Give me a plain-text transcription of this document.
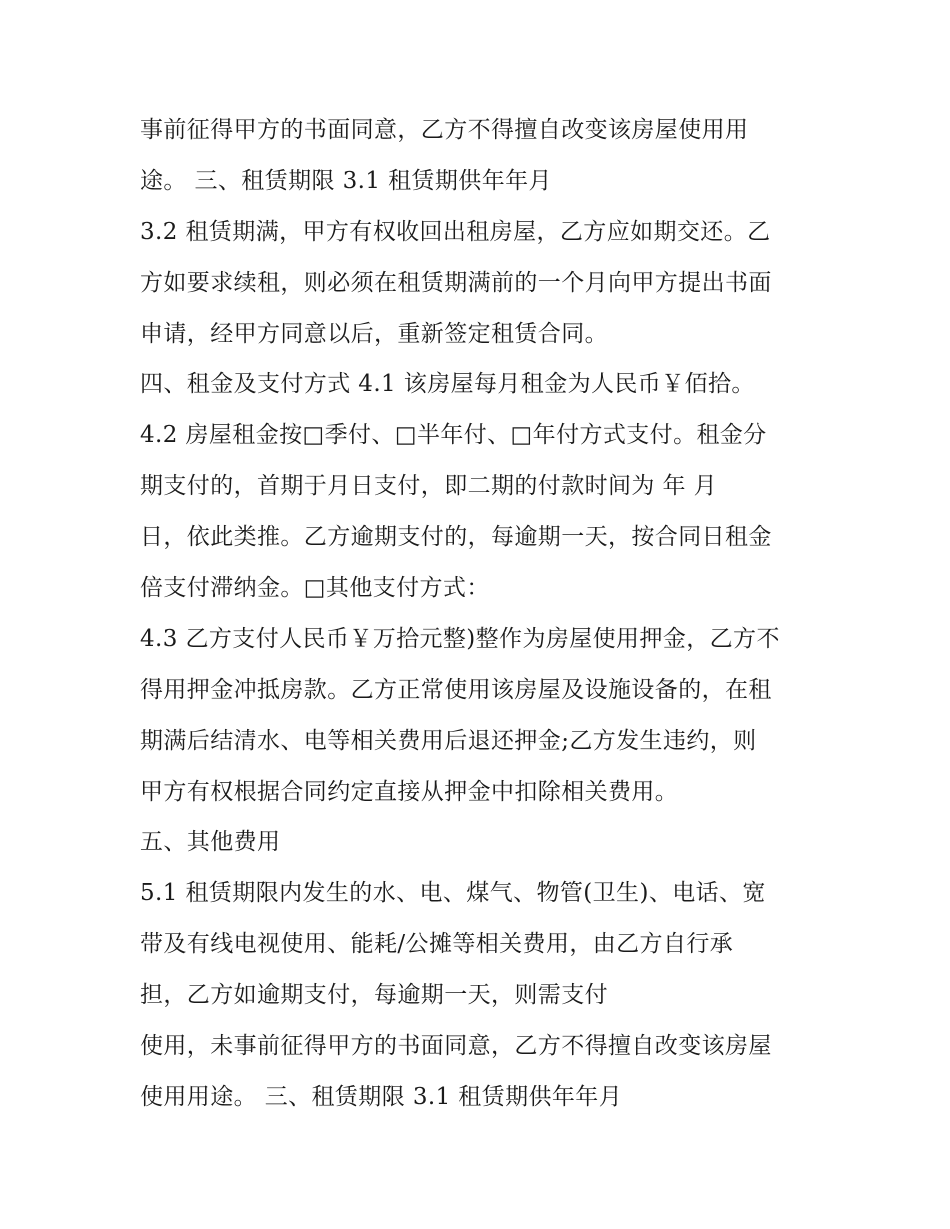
事前征得甲方的书面同意，乙方不得擅自改变该房屋使用用
途。 三、租赁期限 3.1 租赁期供年年月
3.2 租赁期满，甲方有权收回出租房屋，乙方应如期交还。乙
方如要求续租，则必须在租赁期满前的一个月向甲方提出书面
申请，经甲方同意以后，重新签定租赁合同。
四、租金及支付方式 4.1 该房屋每月租金为人民币￥佰拾。
4.2 房屋租金按□季付、□半年付、□年付方式支付。租金分
期支付的，首期于月日支付，即二期的付款时间为 年 月
日，依此类推。乙方逾期支付的，每逾期一天，按合同日租金
倍支付滞纳金。□其他支付方式：
4.3 乙方支付人民币￥万拾元整)整作为房屋使用押金，乙方不
得用押金冲抵房款。乙方正常使用该房屋及设施设备的，在租
期满后结清水、电等相关费用后退还押金;乙方发生违约，则
甲方有权根据合同约定直接从押金中扣除相关费用。
五、其他费用
5.1 租赁期限内发生的水、电、煤气、物管(卫生)、电话、宽
带及有线电视使用、能耗/公摊等相关费用，由乙方自行承
担，乙方如逾期支付，每逾期一天，则需支付
使用，未事前征得甲方的书面同意，乙方不得擅自改变该房屋
使用用途。 三、租赁期限 3.1 租赁期供年年月
